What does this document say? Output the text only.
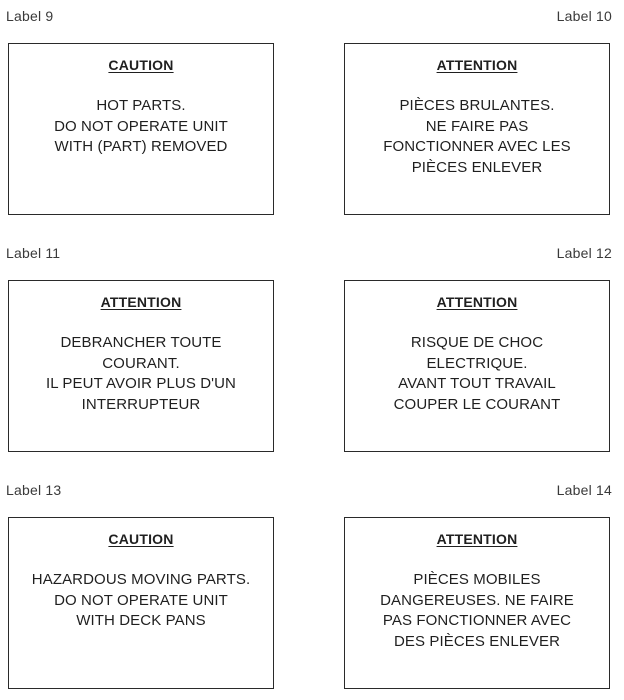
Label 9	Label 10
CAUTION
HOT PARTS.
DO NOT OPERATE UNIT
WITH (PART) REMOVED
ATTENTION
PIÈCES BRULANTES.
NE FAIRE PAS
FONCTIONNER AVEC LES
PIÈCES ENLEVER
Label 11	Label 12
ATTENTION
DEBRANCHER TOUTE
COURANT.
IL PEUT AVOIR PLUS D'UN
INTERRUPTEUR
ATTENTION
RISQUE DE CHOC
ELECTRIQUE.
AVANT TOUT TRAVAIL
COUPER LE COURANT
Label 13	Label 14
CAUTION
HAZARDOUS MOVING PARTS.
DO NOT OPERATE UNIT
WITH DECK PANS
ATTENTION
PIÈCES MOBILES
DANGEREUSES. NE FAIRE
PAS FONCTIONNER AVEC
DES PIÈCES ENLEVER
